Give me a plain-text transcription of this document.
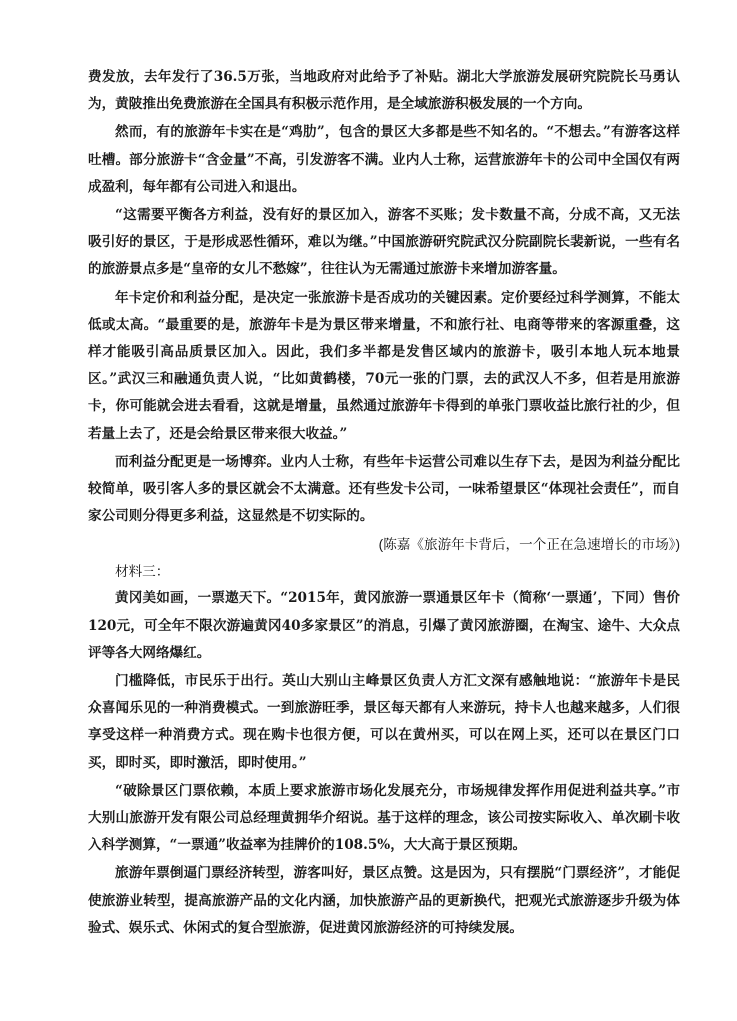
费发放，去年发行了36.5万张，当地政府对此给予了补贴。湖北大学旅游发展研究院院长马勇认为，黄陂推出免费旅游在全国具有积极示范作用，是全域旅游积极发展的一个方向。

然而，有的旅游年卡实在是“鸡肋”，包含的景区大多都是些不知名的。“不想去。”有游客这样吐槽。部分旅游卡“含金量”不高，引发游客不满。业内人士称，运营旅游年卡的公司中全国仅有两成盈利，每年都有公司进入和退出。

“这需要平衡各方利益，没有好的景区加入，游客不买账；发卡数量不高，分成不高，又无法吸引好的景区，于是形成恶性循环，难以为继。”中国旅游研究院武汉分院副院长裴新说，一些有名的旅游景点多是“皇帝的女儿不愁嫁”，往往认为无需通过旅游卡来增加游客量。

年卡定价和利益分配，是决定一张旅游卡是否成功的关键因素。定价要经过科学测算，不能太低或太高。“最重要的是，旅游年卡是为景区带来增量，不和旅行社、电商等带来的客源重叠，这样才能吸引高品质景区加入。因此，我们多半都是发售区域内的旅游卡，吸引本地人玩本地景区。”武汉三和融通负责人说，“比如黄鹤楼，70元一张的门票，去的武汉人不多，但若是用旅游卡，你可能就会进去看看，这就是增量，虽然通过旅游年卡得到的单张门票收益比旅行社的少，但若量上去了，还是会给景区带来很大收益。”

而利益分配更是一场博弈。业内人士称，有些年卡运营公司难以生存下去，是因为利益分配比较简单，吸引客人多的景区就会不太满意。还有些发卡公司，一味希望景区“体现社会责任”，而自家公司则分得更多利益，这显然是不切实际的。

(陈嘉《旅游年卡背后，一个正在急速增长的市场》)

材料三：

黄冈美如画，一票遨天下。“2015年，黄冈旅游一票通景区年卡（简称‘一票通’，下同）售价120元，可全年不限次游遍黄冈40多家景区”的消息，引爆了黄冈旅游圈，在淘宝、途牛、大众点评等各大网络爆红。

门槛降低，市民乐于出行。英山大别山主峰景区负责人方汇文深有感触地说：“旅游年卡是民众喜闻乐见的一种消费模式。一到旅游旺季，景区每天都有人来游玩，持卡人也越来越多，人们很享受这样一种消费方式。现在购卡也很方便，可以在黄州买，可以在网上买，还可以在景区门口买，即时买，即时激活，即时使用。”

“破除景区门票依赖，本质上要求旅游市场化发展充分，市场规律发挥作用促进利益共享。”市大别山旅游开发有限公司总经理黄拥华介绍说。基于这样的理念，该公司按实际收入、单次刷卡收入科学测算，“一票通”收益率为挂牌价的108.5%，大大高于景区预期。

旅游年票倒逼门票经济转型，游客叫好，景区点赞。这是因为，只有摆脱“门票经济”，才能促使旅游业转型，提高旅游产品的文化内涵，加快旅游产品的更新换代，把观光式旅游逐步升级为体验式、娱乐式、休闲式的复合型旅游，促进黄冈旅游经济的可持续发展。
